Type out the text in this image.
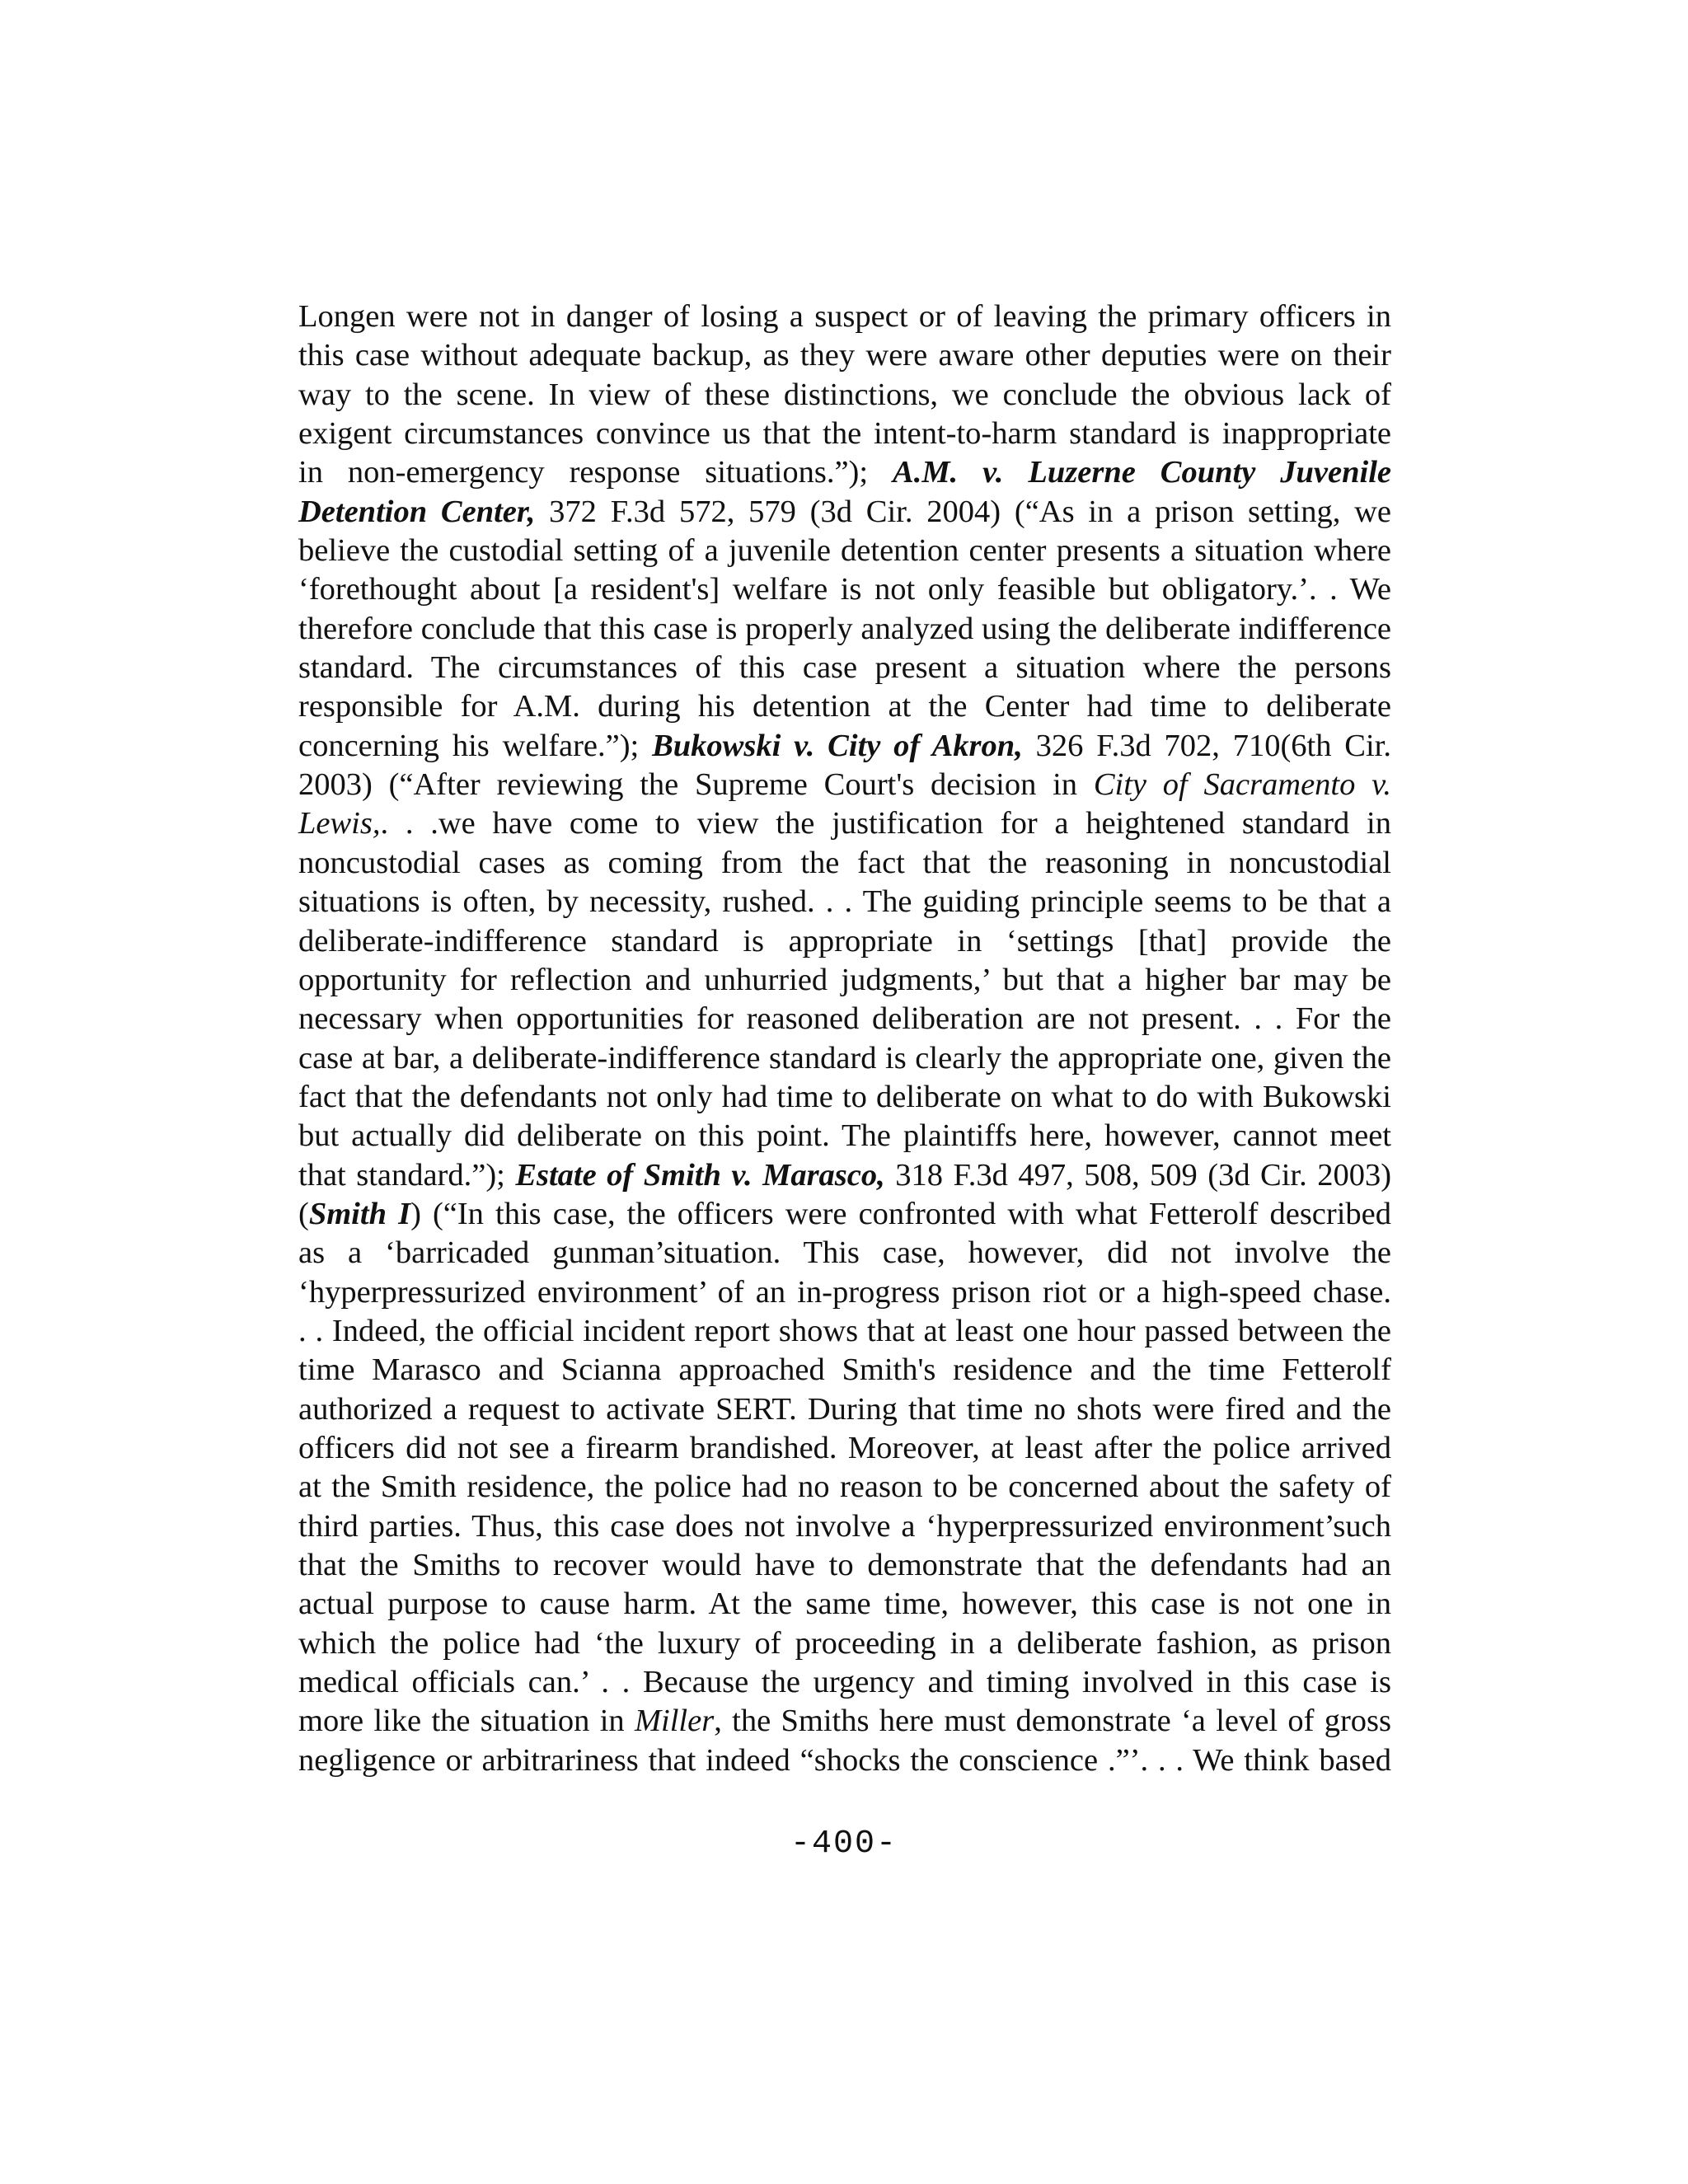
Longen were not in danger of losing a suspect or of leaving the primary officers in
this case without adequate backup, as they were aware other deputies were on their
way to the scene. In view of these distinctions, we conclude the obvious lack of
exigent circumstances convince us that the intent-to-harm standard is inappropriate
in non-emergency response situations.”); A.M. v. Luzerne County Juvenile
Detention Center, 372 F.3d 572, 579 (3d Cir. 2004) (“As in a prison setting, we
believe the custodial setting of a juvenile detention center presents a situation where
‘forethought about [a resident's] welfare is not only feasible but obligatory.’. . We
therefore conclude that this case is properly analyzed using the deliberate indifference
standard. The circumstances of this case present a situation where the persons
responsible for A.M. during his detention at the Center had time to deliberate
concerning his welfare.”); Bukowski v. City of Akron, 326 F.3d 702, 710(6th Cir.
2003) (“After reviewing the Supreme Court's decision in City of Sacramento v.
Lewis,. . .we have come to view the justification for a heightened standard in
noncustodial cases as coming from the fact that the reasoning in noncustodial
situations is often, by necessity, rushed. . . The guiding principle seems to be that a
deliberate-indifference standard is appropriate in ‘settings [that] provide the
opportunity for reflection and unhurried judgments,’ but that a higher bar may be
necessary when opportunities for reasoned deliberation are not present. . . For the
case at bar, a deliberate-indifference standard is clearly the appropriate one, given the
fact that the defendants not only had time to deliberate on what to do with Bukowski
but actually did deliberate on this point. The plaintiffs here, however, cannot meet
that standard.”); Estate of Smith v. Marasco, 318 F.3d 497, 508, 509 (3d Cir. 2003)
(Smith I) (“In this case, the officers were confronted with what Fetterolf described
as a ‘barricaded gunman’situation. This case, however, did not involve the
‘hyperpressurized environment’ of an in-progress prison riot or a high-speed chase.
. . Indeed, the official incident report shows that at least one hour passed between the
time Marasco and Scianna approached Smith's residence and the time Fetterolf
authorized a request to activate SERT. During that time no shots were fired and the
officers did not see a firearm brandished. Moreover, at least after the police arrived
at the Smith residence, the police had no reason to be concerned about the safety of
third parties. Thus, this case does not involve a ‘hyperpressurized environment’such
that the Smiths to recover would have to demonstrate that the defendants had an
actual purpose to cause harm. At the same time, however, this case is not one in
which the police had ‘the luxury of proceeding in a deliberate fashion, as prison
medical officials can.’ . . Because the urgency and timing involved in this case is
more like the situation in Miller, the Smiths here must demonstrate ‘a level of gross
negligence or arbitrariness that indeed “shocks the conscience .”’. . . We think based
-400-
